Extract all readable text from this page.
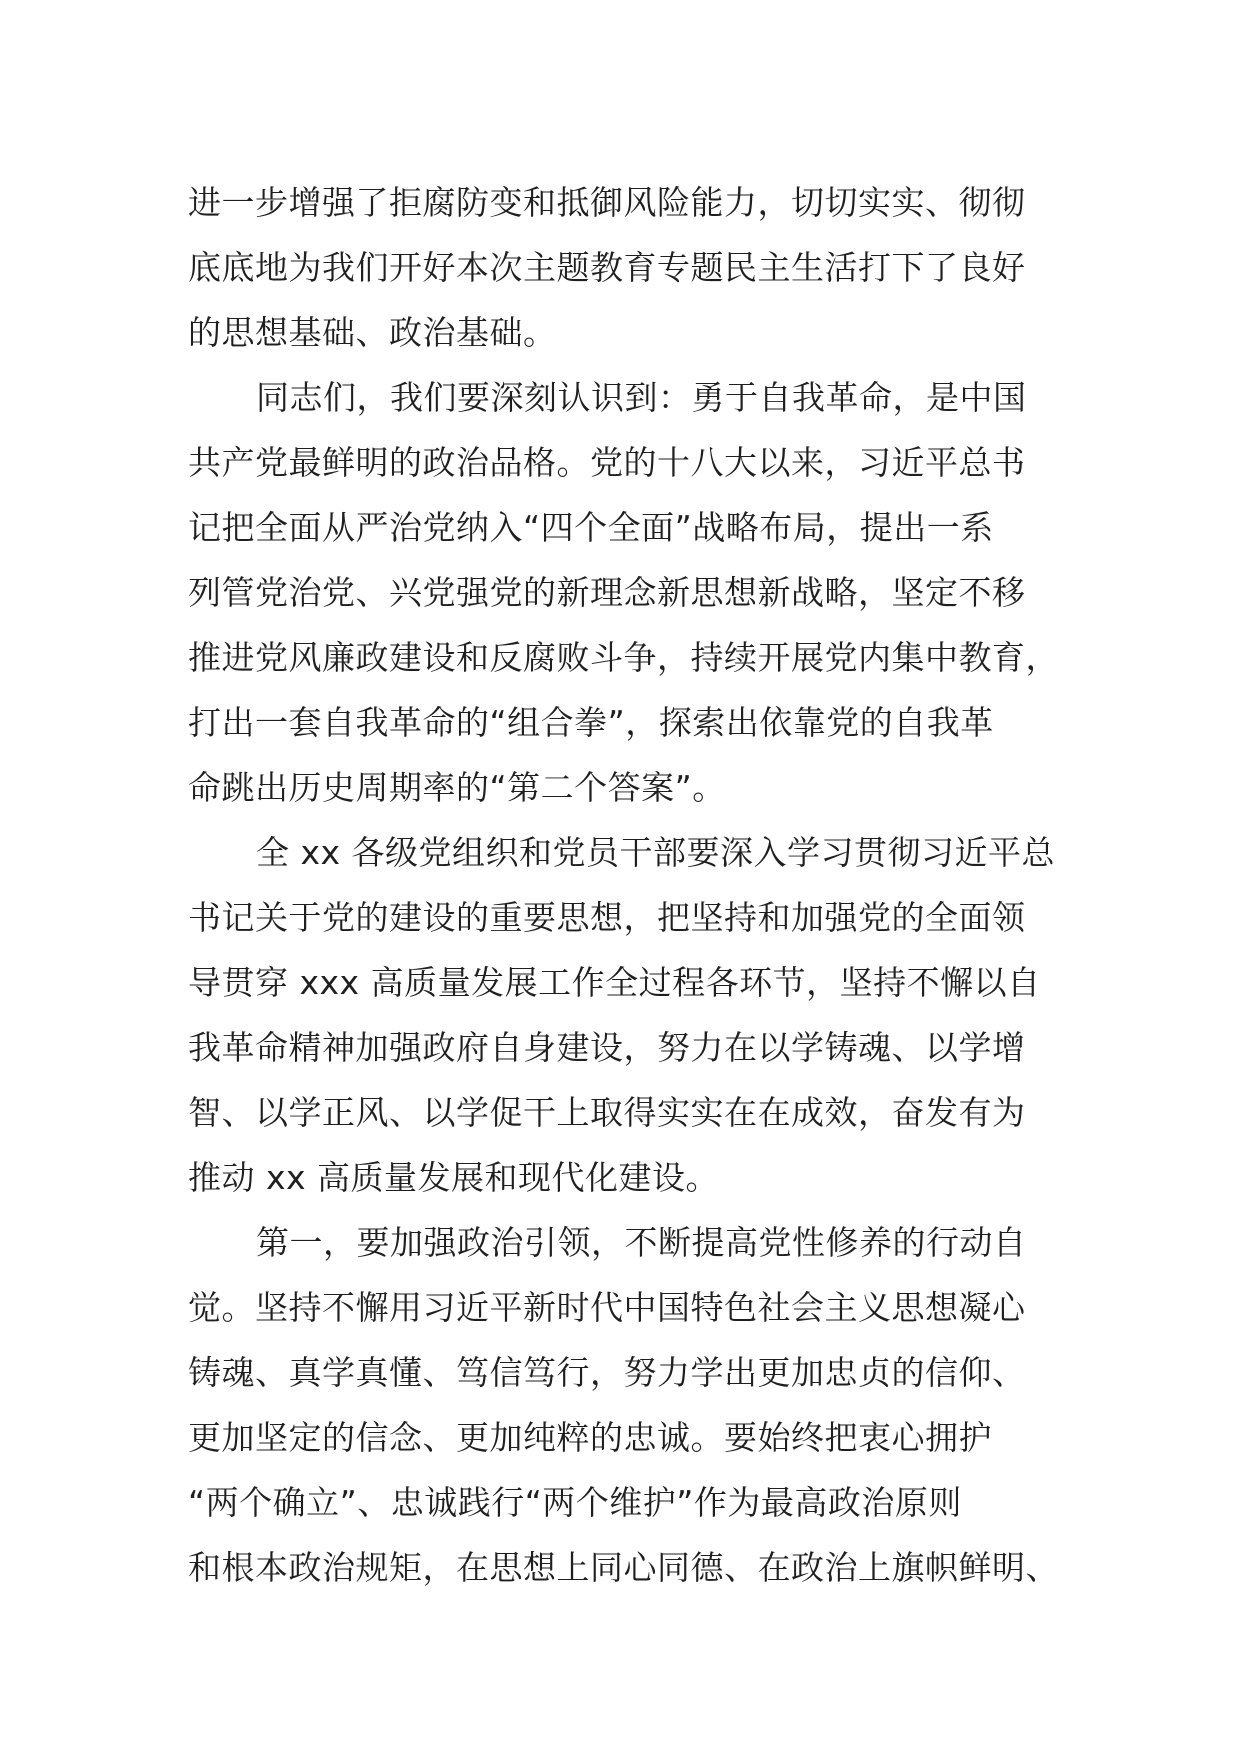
进一步增强了拒腐防变和抵御风险能力，切切实实、彻彻
底底地为我们开好本次主题教育专题民主生活打下了良好
的思想基础、政治基础。
同志们，我们要深刻认识到：勇于自我革命，是中国
共产党最鲜明的政治品格。党的十八大以来，习近平总书
记把全面从严治党纳入“四个全面”战略布局，提出一系
列管党治党、兴党强党的新理念新思想新战略，坚定不移
推进党风廉政建设和反腐败斗争，持续开展党内集中教育，
打出一套自我革命的“组合拳”，探索出依靠党的自我革
命跳出历史周期率的“第二个答案”。
全 xx 各级党组织和党员干部要深入学习贯彻习近平总
书记关于党的建设的重要思想，把坚持和加强党的全面领
导贯穿 xxx 高质量发展工作全过程各环节，坚持不懈以自
我革命精神加强政府自身建设，努力在以学铸魂、以学增
智、以学正风、以学促干上取得实实在在成效，奋发有为
推动 xx 高质量发展和现代化建设。
第一，要加强政治引领，不断提高党性修养的行动自
觉。坚持不懈用习近平新时代中国特色社会主义思想凝心
铸魂、真学真懂、笃信笃行，努力学出更加忠贞的信仰、
更加坚定的信念、更加纯粹的忠诚。要始终把衷心拥护
“两个确立”、忠诚践行“两个维护”作为最高政治原则
和根本政治规矩，在思想上同心同德、在政治上旗帜鲜明、
